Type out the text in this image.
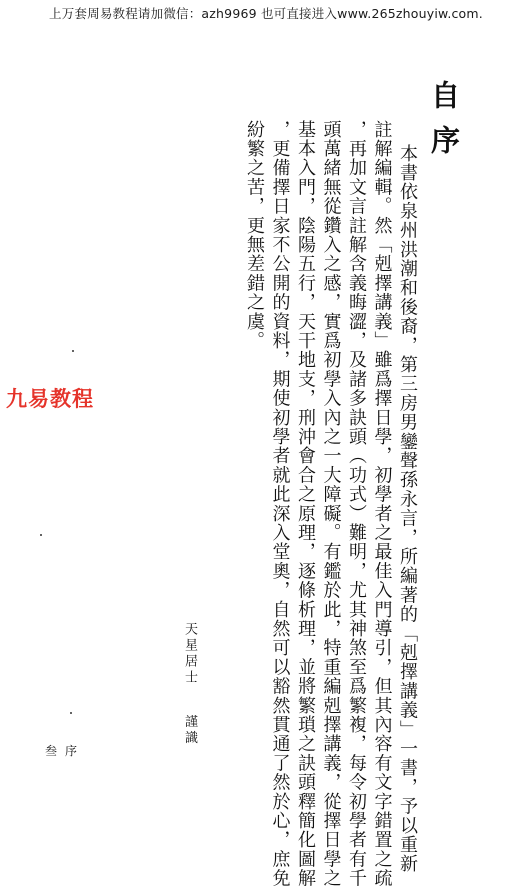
上万套周易教程请加微信：azh9969 也可直接进入www.265zhouyiw.com.
九易教程
自序
本書依泉州洪潮和後裔，第三房男鑾聲孫永言，所編著的「剋擇講義」一書，予以重新
註解編輯。然「剋擇講義」雖爲擇日學，初學者之最佳入門導引，但其內容有文字錯置之疏
，再加文言註解含義晦澀，及諸多訣頭（功式）難明，尤其神煞至爲繁複，每令初學者有千
頭萬緒無從鑽入之感，實爲初學入內之一大障礙。有鑑於此，特重編剋擇講義，從擇日學之
基本入門，陰陽五行，天干地支，刑沖會合之原理，逐條析理，並將繁瑣之訣頭釋簡化圖解
，更備擇日家不公開的資料，期使初學者就此深入堂奧，自然可以豁然貫通了然於心，庶免
紛繁之苦，更無差錯之虞。
天星居士    謹識
叁序
